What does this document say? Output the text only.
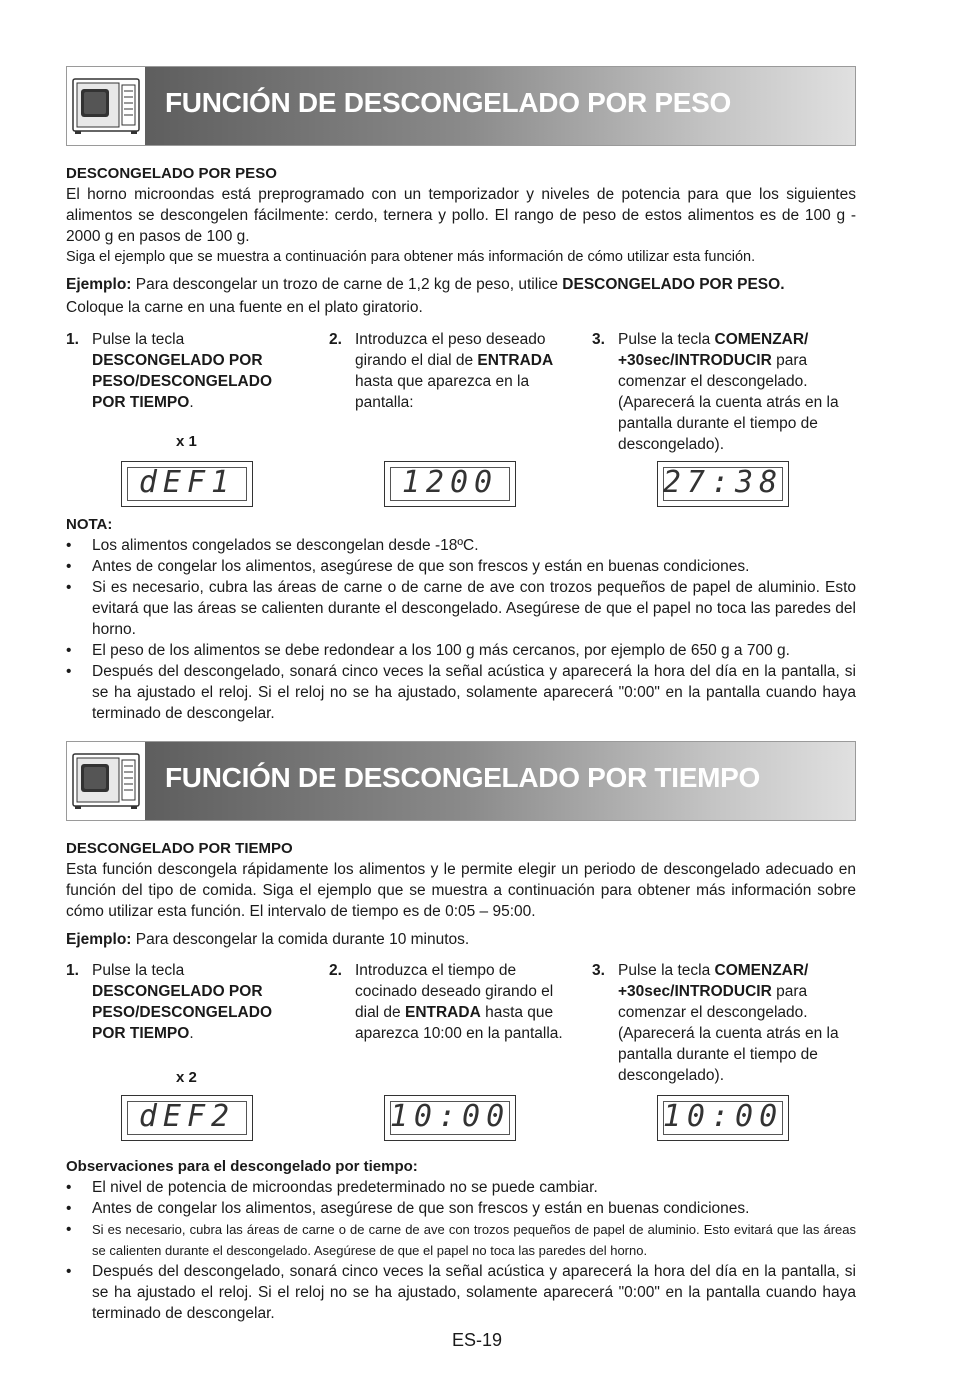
FUNCIÓN DE DESCONGELADO POR PESO
DESCONGELADO POR PESO
El horno microondas está preprogramado con un temporizador y niveles de potencia para que los siguientes alimentos se descongelen fácilmente: cerdo, ternera y pollo. El rango de peso de estos alimentos es de 100 g - 2000 g en pasos de 100 g.
Siga el ejemplo que se muestra a continuación para obtener más información de cómo utilizar esta función.
Ejemplo: Para descongelar un trozo de carne de 1,2 kg de peso, utilice DESCONGELADO POR PESO.
Coloque la carne en una fuente en el plato giratorio.
1. Pulse la tecla
DESCONGELADO POR PESO/DESCONGELADO POR TIEMPO.
2. Introduzca el peso deseado girando el dial de ENTRADA hasta que aparezca en la pantalla:
3. Pulse la tecla COMENZAR/ +30sec/INTRODUCIR para comenzar el descongelado. (Aparecerá la cuenta atrás en la pantalla durante el tiempo de descongelado).
x 1
dEF1	1200	27:38
NOTA:
• Los alimentos congelados se descongelan desde -18ºC.
• Antes de congelar los alimentos, asegúrese de que son frescos y están en buenas condiciones.
• Si es necesario, cubra las áreas de carne o de carne de ave con trozos pequeños de papel de aluminio. Esto evitará que las áreas se calienten durante el descongelado. Asegúrese de que el papel no toca las paredes del horno.
• El peso de los alimentos se debe redondear a los 100 g más cercanos, por ejemplo de 650 g a 700 g.
• Después del descongelado, sonará cinco veces la señal acústica y aparecerá la hora del día en la pantalla, si se ha ajustado el reloj. Si el reloj no se ha ajustado, solamente aparecerá "0:00" en la pantalla cuando haya terminado de descongelar.
FUNCIÓN DE DESCONGELADO POR TIEMPO
DESCONGELADO POR TIEMPO
Esta función descongela rápidamente los alimentos y le permite elegir un periodo de descongelado adecuado en función del tipo de comida. Siga el ejemplo que se muestra a continuación para obtener más información sobre cómo utilizar esta función. El intervalo de tiempo es de 0:05 – 95:00.
Ejemplo: Para descongelar la comida durante 10 minutos.
1. Pulse la tecla
DESCONGELADO POR PESO/DESCONGELADO POR TIEMPO.
2. Introduzca el tiempo de cocinado deseado girando el dial de ENTRADA hasta que aparezca 10:00 en la pantalla.
3. Pulse la tecla COMENZAR/ +30sec/INTRODUCIR para comenzar el descongelado. (Aparecerá la cuenta atrás en la pantalla durante el tiempo de descongelado).
x 2
dEF2	10:00	10:00
Observaciones para el descongelado por tiempo:
• El nivel de potencia de microondas predeterminado no se puede cambiar.
• Antes de congelar los alimentos, asegúrese de que son frescos y están en buenas condiciones.
• Si es necesario, cubra las áreas de carne o de carne de ave con trozos pequeños de papel de aluminio. Esto evitará que las áreas se calienten durante el descongelado. Asegúrese de que el papel no toca las paredes del horno.
• Después del descongelado, sonará cinco veces la señal acústica y aparecerá la hora del día en la pantalla, si se ha ajustado el reloj. Si el reloj no se ha ajustado, solamente aparecerá "0:00" en la pantalla cuando haya terminado de descongelar.
ES-19
